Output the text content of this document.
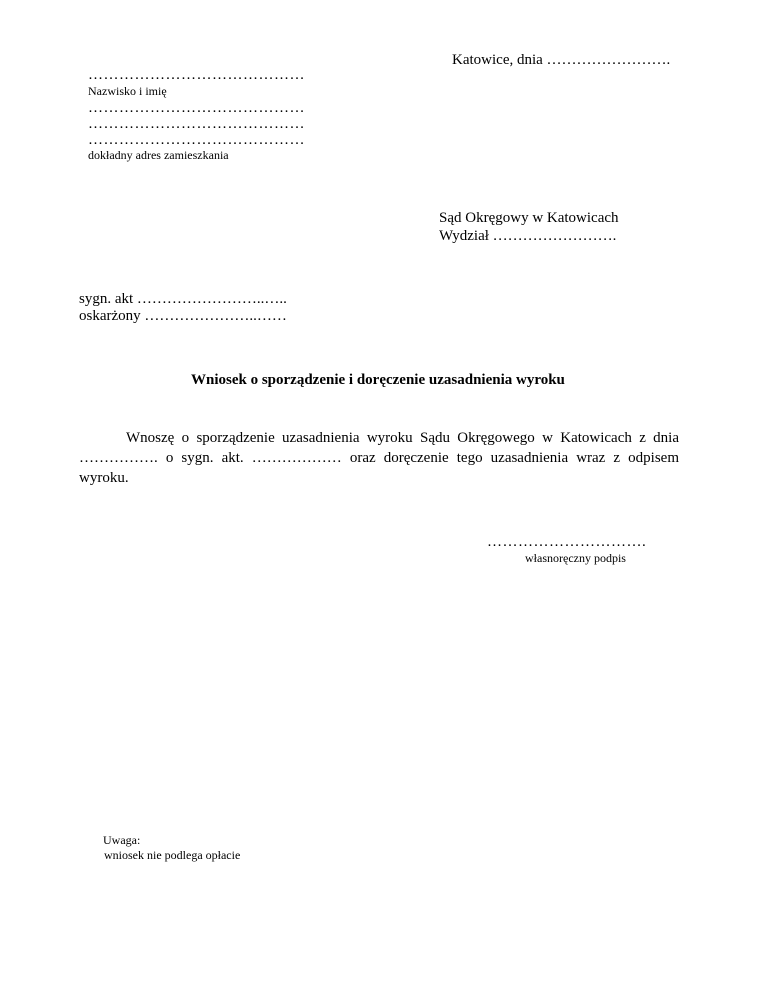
Katowice, dnia …………………….
……………………………………
Nazwisko i imię
……………………………………
……………………………………
……………………………………
dokładny adres zamieszkania
Sąd Okręgowy w Katowicach
Wydział …………………….
sygn. akt ……………………..…..
oskarżony …………………..……
Wniosek o sporządzenie i doręczenie uzasadnienia wyroku
Wnoszę o sporządzenie uzasadnienia wyroku Sądu Okręgowego w Katowicach z dnia ……………. o sygn. akt. ……………… oraz doręczenie tego uzasadnienia wraz z odpisem wyroku.
………………………….
własnoręczny podpis
Uwaga:
wniosek nie podlega opłacie
